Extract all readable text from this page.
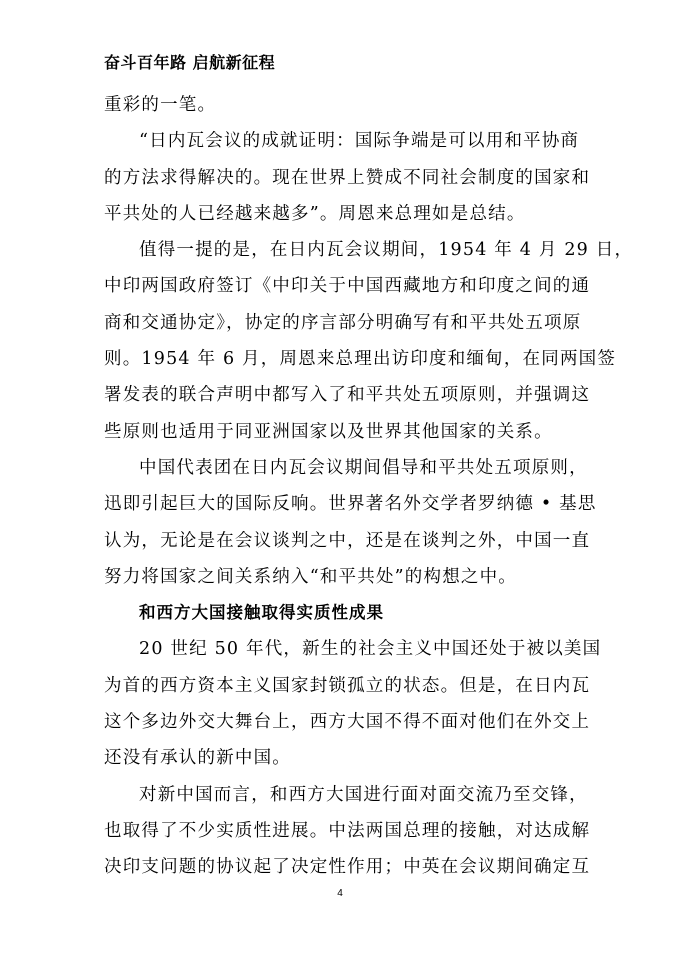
奋斗百年路 启航新征程
重彩的一笔。
“日内瓦会议的成就证明：国际争端是可以用和平协商
的方法求得解决的。现在世界上赞成不同社会制度的国家和
平共处的人已经越来越多”。周恩来总理如是总结。
值得一提的是，在日内瓦会议期间，1954 年 4 月 29 日，
中印两国政府签订《中印关于中国西藏地方和印度之间的通
商和交通协定》，协定的序言部分明确写有和平共处五项原
则。1954 年 6 月，周恩来总理出访印度和缅甸，在同两国签
署发表的联合声明中都写入了和平共处五项原则，并强调这
些原则也适用于同亚洲国家以及世界其他国家的关系。
中国代表团在日内瓦会议期间倡导和平共处五项原则，
迅即引起巨大的国际反响。世界著名外交学者罗纳德 • 基思
认为，无论是在会议谈判之中，还是在谈判之外，中国一直
努力将国家之间关系纳入“和平共处”的构想之中。
和西方大国接触取得实质性成果
20 世纪 50 年代，新生的社会主义中国还处于被以美国
为首的西方资本主义国家封锁孤立的状态。但是，在日内瓦
这个多边外交大舞台上，西方大国不得不面对他们在外交上
还没有承认的新中国。
对新中国而言，和西方大国进行面对面交流乃至交锋，
也取得了不少实质性进展。中法两国总理的接触，对达成解
决印支问题的协议起了决定性作用；中英在会议期间确定互
4
